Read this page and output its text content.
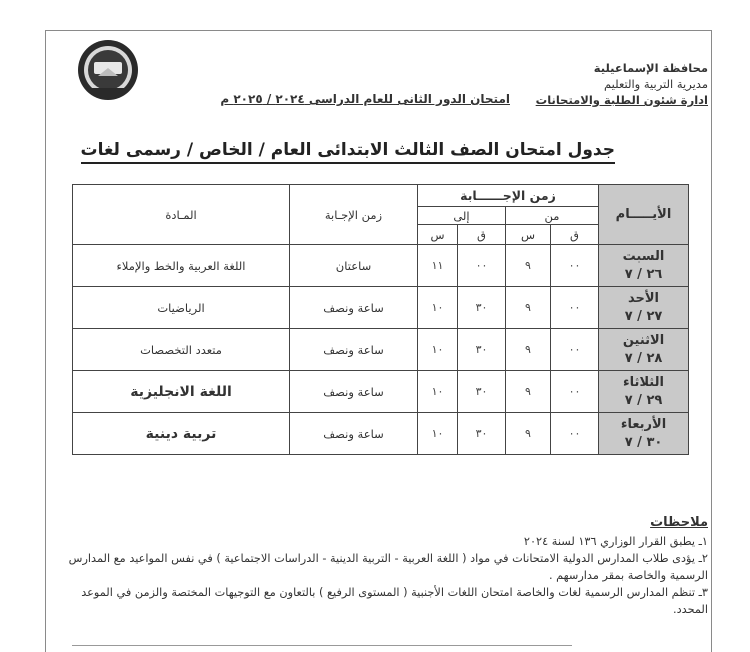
محافظة الإسماعيلية
مديرية التربية والتعليم
ادارة شئون الطلبة والامتحانات
امتحان الدور الثانى للعام الدراسى ٢٠٢٤ / ٢٠٢٥ م
جدول امتحان الصف الثالث الابتدائى العام / الخاص / رسمى لغات
الأيـــــام	زمن الإجــــــابة				زمن الإجـابة	المـادة
	من		إلى			
	ق	س	ق	س		

السبت
٢٦ / ٧	٠٠	٩	٠٠	١١	ساعتان	اللغة العربية والخط والإملاء

الأحد
٢٧ / ٧	٠٠	٩	٣٠	١٠	ساعة ونصف	الرياضيات

الاثنين
٢٨ / ٧	٠٠	٩	٣٠	١٠	ساعة ونصف	متعدد التخصصات

الثلاثاء
٢٩ / ٧	٠٠	٩	٣٠	١٠	ساعة ونصف	اللغة الانجليزية

الأربعاء
٣٠ / ٧	٠٠	٩	٣٠	١٠	ساعة ونصف	تربية دينية
ملاحظات

١ـ يطبق القرار الوزاري ١٣٦ لسنة ٢٠٢٤

٢ـ يؤدى طلاب المدارس الدولية الامتحانات في مواد ( اللغة العربية - التربية الدينية - الدراسات الاجتماعية ) في نفس المواعيد مع المدارس الرسمية والخاصة بمقر مدارسهم .

٣ـ تنظم المدارس الرسمية لغات والخاصة امتحان اللغات الأجنبية ( المستوى الرفيع ) بالتعاون مع التوجيهات المختصة والزمن في الموعد المحدد.
